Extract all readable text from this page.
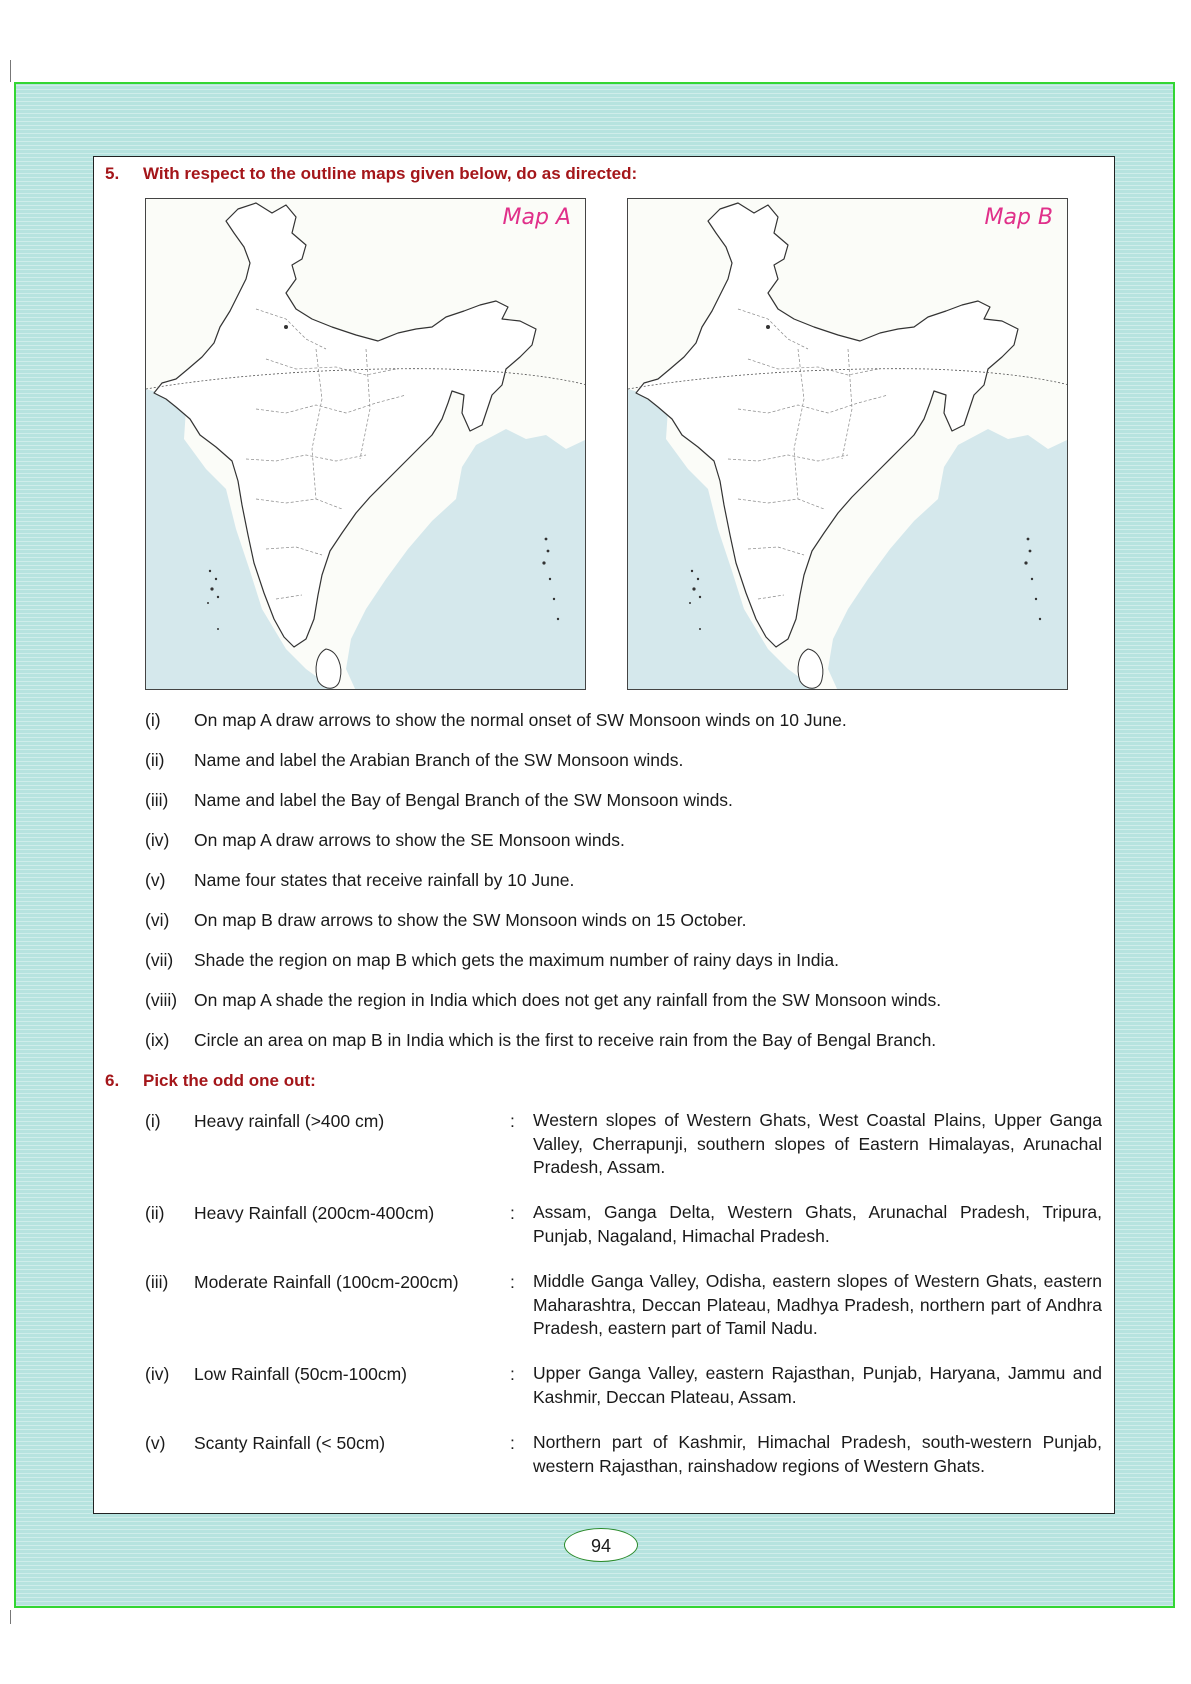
5. With respect to the outline maps given below, do as directed:
Map A	Map B
(i) On map A draw arrows to show the normal onset of SW Monsoon winds on 10 June.
(ii) Name and label the Arabian Branch of the SW Monsoon winds.
(iii) Name and label the Bay of Bengal Branch of the SW Monsoon winds.
(iv) On map A draw arrows to show the SE Monsoon winds.
(v) Name four states that receive rainfall by 10 June.
(vi) On map B draw arrows to show the SW Monsoon winds on 15 October.
(vii) Shade the region on map B which gets the maximum number of rainy days in India.
(viii) On map A shade the region in India which does not get any rainfall from the SW Monsoon winds.
(ix) Circle an area on map B in India which is the first to receive rain from the Bay of Bengal Branch.
6. Pick the odd one out:
(i) Heavy rainfall (>400 cm)	: Western slopes of Western Ghats, West Coastal Plains, Upper Ganga Valley, Cherrapunji, southern slopes of Eastern Himalayas, Arunachal Pradesh, Assam.
(ii) Heavy Rainfall (200cm-400cm)	: Assam, Ganga Delta, Western Ghats, Arunachal Pradesh, Tripura, Punjab, Nagaland, Himachal Pradesh.
(iii) Moderate Rainfall (100cm-200cm)	: Middle Ganga Valley, Odisha, eastern slopes of Western Ghats, eastern Maharashtra, Deccan Plateau, Madhya Pradesh, northern part of Andhra Pradesh, eastern part of Tamil Nadu.
(iv) Low Rainfall (50cm-100cm)	: Upper Ganga Valley, eastern Rajasthan, Punjab, Haryana, Jammu and Kashmir, Deccan Plateau, Assam.
(v) Scanty Rainfall (< 50cm)	: Northern part of Kashmir, Himachal Pradesh, south-western Punjab, western Rajasthan, rainshadow regions of Western Ghats.
94
